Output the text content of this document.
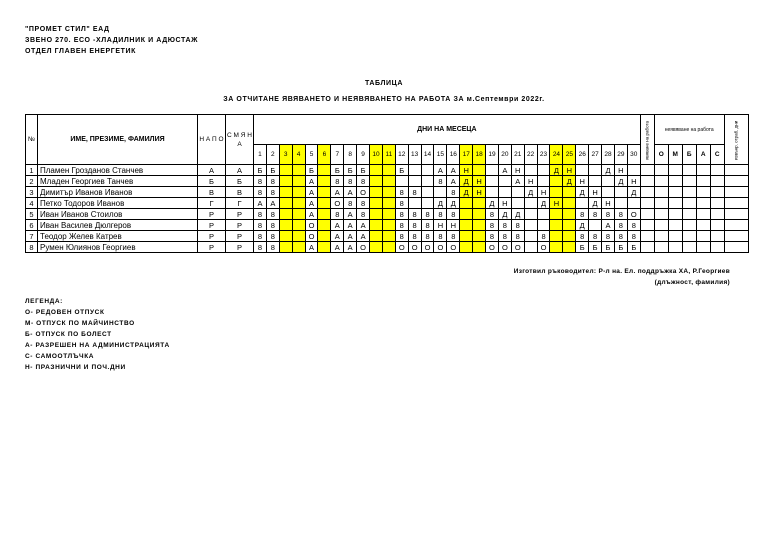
"ПРОМЕТ СТИЛ" ЕАД
ЗВЕНО 270. ЕСО -ХЛАДИЛНИК И АДЮСТАЖ
ОТДЕЛ ГЛАВЕН ЕНЕРГЕТИК
ТАБЛИЦА
ЗА ОТЧИТАНЕ ЯВЯВАНЕТО И НЕЯВЯВАНЕТО НА РАБОТА ЗА м.Септември 2022г.
№	ИМЕ, ПРЕЗИМЕ, ФАМИЛИЯ	Н А П О	С М Я Н А	ДНИ НА МЕСЕЦА																														явяване на работа	неявяване на работа					извънр. отраб. дни
				1	2	3	4	5	6	7	8	9	10	11	12	13	14	15	16	17	18	19	20	21	22	23	24	25	26	27	28	29	30		О	М	Б	А	С	
1	Пламен Грозданов Станчев	А	А	Б	Б			Б		Б	Б	Б			Б			А	А	Н			А	Н			Д	Н			Д	Н								
2	Младен Георгиев Танчев	Б	Б	8	8			А		8	8	8						8	А	Д	Н			А	Н			Д	Н			Д	Н							
3	Димитър Иванов Иванов	В	В	8	8			А		А	А	О			8	8			8	Д	Н				Д	Н			Д	Н			Д							
4	Петко Тодоров Иванов	Г	Г	А	А			А		О	8	8			8			Д	Д			Д	Н			Д	Н			Д	Н									
5	Иван Иванов Стоилов	Р	Р	8	8			А		8	А	8			8	8	8	8	8			8	Д	Д					8	8	8	8	О							
6	Иван Василев Дюлгеров	Р	Р	8	8			О		А	А	А			8	8	8	Н	Н			8	8	8					Д		А	8	8							
7	Теодор Желев Катрев	Р	Р	8	8			О		А	А	А			8	8	8	8	8			8	8	8		8			8	8	8	8	8							
8	Румен Юлиянов Георгиев	Р	Р	8	8			А		А	А	О			О	О	О	О	О			О	О	О		О			Б	Б	Б	Б	Б							
Изготвил ръководител: Р-л на. Ел. поддръжка ХА, Р.Георгиев
(длъжност, фамилия)
ЛЕГЕНДА:
О- РЕДОВЕН ОТПУСК
М- ОТПУСК ПО МАЙЧИНСТВО
Б- ОТПУСК ПО БОЛЕСТ
А- РАЗРЕШЕН НА АДМИНИСТРАЦИЯТА
С- САМООТЛЪЧКА
Н- ПРАЗНИЧНИ И ПОЧ.ДНИ
